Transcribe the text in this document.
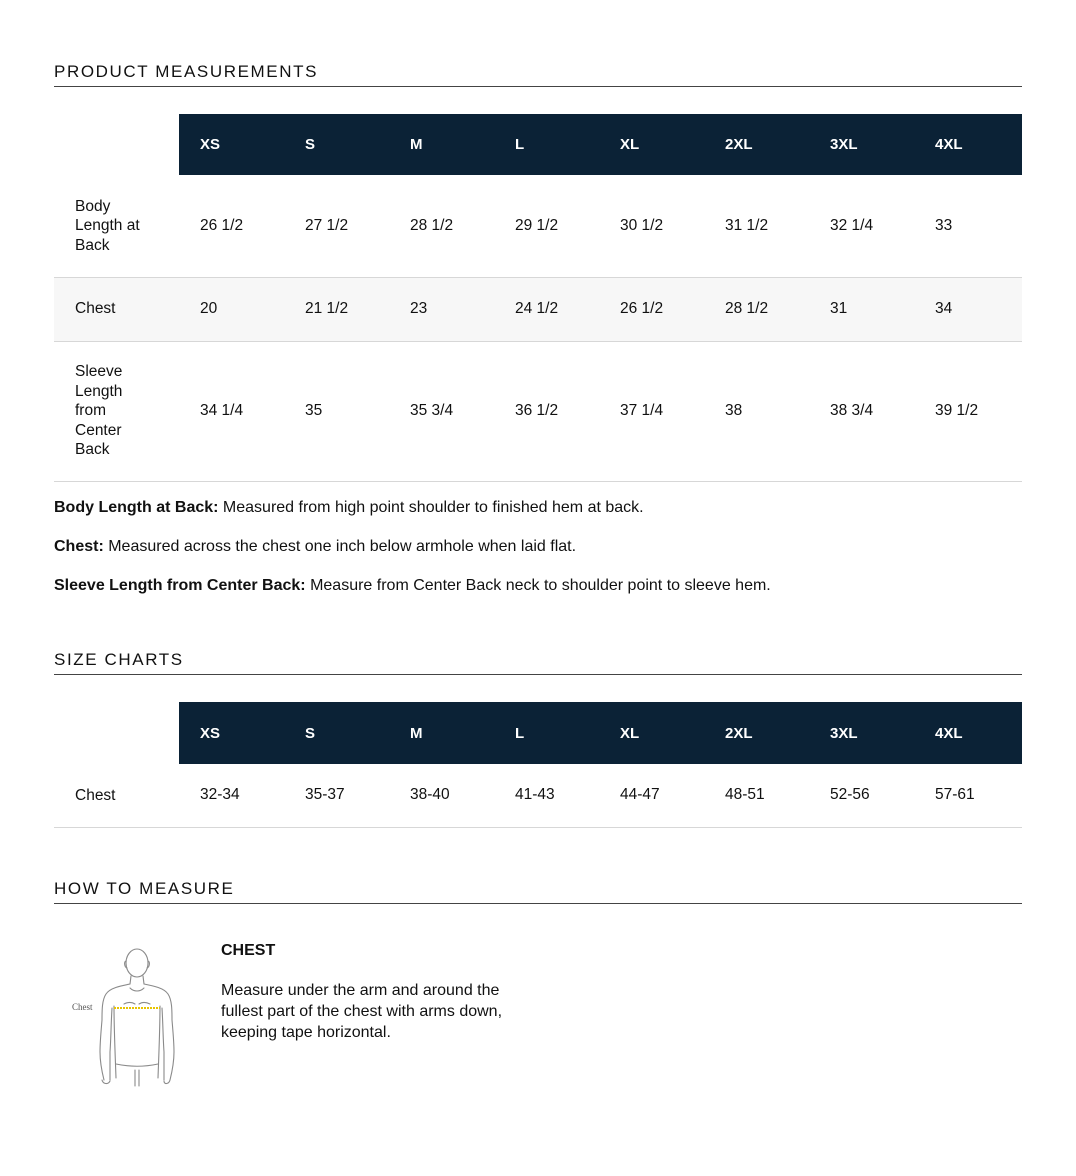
PRODUCT MEASUREMENTS
	XS	S	M	L	XL	2XL	3XL	4XL
Body Length at Back	26 1/2	27 1/2	28 1/2	29 1/2	30 1/2	31 1/2	32 1/4	33
Chest	20	21 1/2	23	24 1/2	26 1/2	28 1/2	31	34
Sleeve Length from Center Back	34 1/4	35	35 3/4	36 1/2	37 1/4	38	38 3/4	39 1/2

Body Length at Back: Measured from high point shoulder to finished hem at back.

Chest: Measured across the chest one inch below armhole when laid flat.

Sleeve Length from Center Back: Measure from Center Back neck to shoulder point to sleeve hem.

SIZE CHARTS
	XS	S	M	L	XL	2XL	3XL	4XL
Chest	32-34	35-37	38-40	41-43	44-47	48-51	52-56	57-61
HOW TO MEASURE
Chest
CHEST
Measure under the arm and around the fullest part of the chest with arms down, keeping tape horizontal.
